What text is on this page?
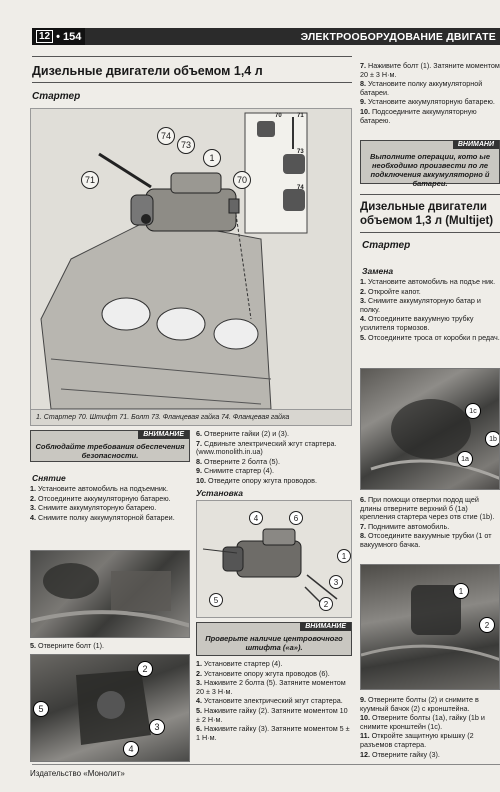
12 • 154	ЭЛЕКТРООБОРУДОВАНИЕ ДВИГАТЕ
Дизельные двигатели объемом 1,4 л
Стартер
74
73
1
71	70
70	71
73
74
1. Стартер 70. Штифт 71. Болт 73. Фланцевая гайка 74. Фланцевая гайка
ВНИМАНИЕ
Соблюдайте требования обеспечения безопасности.
Снятие
1. Установите автомобиль на подъемник.
2. Отсоедините аккумуляторную батарею.
3. Снимите аккумуляторную батарею.
4. Снимите полку аккумуляторной батареи.
5. Отверните болт (1).
2
5
3
4
6. Отверните гайки (2) и (3).
7. Сдвиньте электрический жгут стартера. (www.monolith.in.ua)
8. Отверните 2 болта (5).
9. Снимите стартер (4).
10. Отведите опору жгута проводов.
Установка
4	6
1
3
2
5
ВНИМАНИЕ
Проверьте наличие центровочного штифта («а»).
1. Установите стартер (4).
2. Установите опору жгута проводов (6).
3. Наживите 2 болта (5). Затяните моментом 20 ± 3 Н·м.
4. Установите электрический жгут стартера.
5. Наживите гайку (2). Затяните моментом 10 ± 2 Н·м.
6. Наживите гайку (3). Затяните моментом 5 ± 1 Н·м.
7. Наживите болт (1). Затяните моментом 20 ± 3 Н·м.
8. Установите полку аккумуляторной батареи.
9. Установите аккумуляторную батарею.
10. Подсоедините аккумуляторную батарею.
ВНИМАНИ
Выполните операции, кото ые необходимо произвести по ле подключения аккумуляторно й батареи.
Дизельные двигатели объемом 1,3 л (Multijet)
Стартер
Замена
1. Установите автомобиль на подъе ник.
2. Откройте капот.
3. Снимите аккумуляторную батар и полку.
4. Отсоедините вакуумную трубку усилителя тормозов.
5. Отсоедините троса от коробки п редач.
1c
1b
1a
6. При помощи отвертки подод щей длины отверните верхний б (1a) крепления стартера через отв стие (1b).
7. Поднимите автомобиль.
8. Отсоедините вакуумные трубки (1 от вакуумного бачка.
1
2
9. Отверните болты (2) и снимите в куумный бачок (2) с кронштейна.
10. Отверните болты (1a), гайку (1b и снимите кронштейн (1c).
11. Откройте защитную крышку (2 разъемов стартера.
12. Отверните гайку (3).
Издательство «Монолит»
